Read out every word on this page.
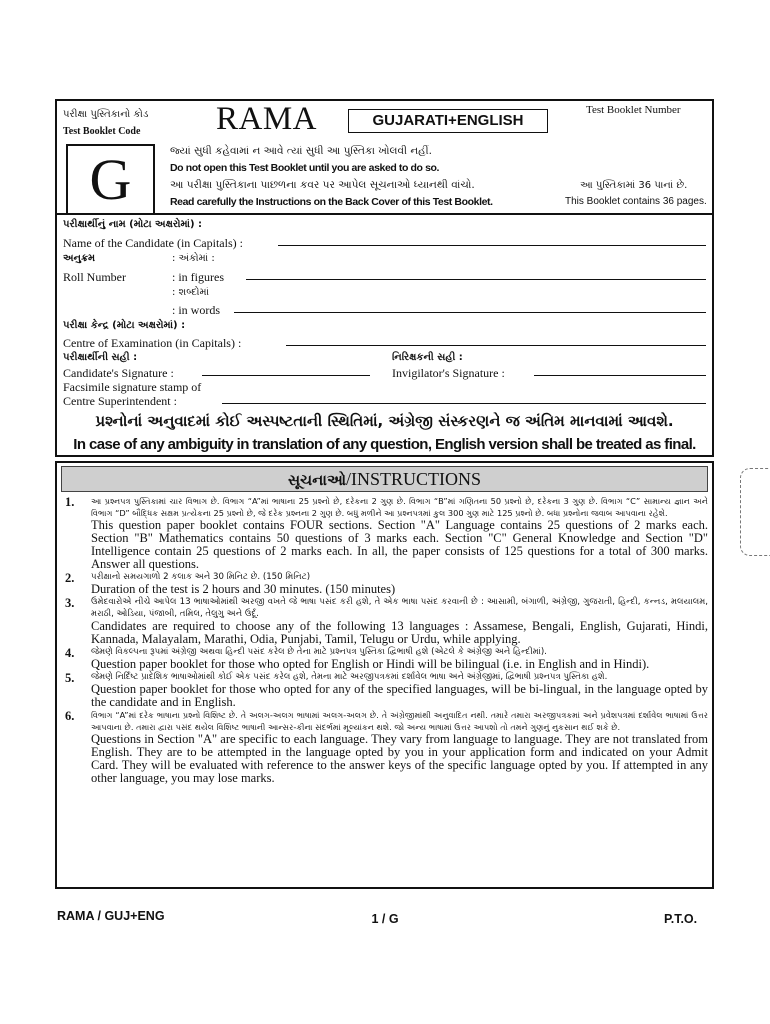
પરીક્ષા પુસ્તિકાનો કોડ
Test Booklet Code RAMA	GUJARATI+ENGLISH
Test Booklet Number
G	જ્યાં સુધી કહેવામાં ન આવે ત્યાં સુધી આ પુસ્તિકા ખોલવી નહીં.
Do not open this Test Booklet until you are asked to do so.
આ પરીક્ષા પુસ્તિકાના પાછળના કવર પર આપેલ સૂચનાઓ ધ્યાનથી વાંચો.
Read carefully the Instructions on the Back Cover of this Test Booklet.
આ પુસ્તિકામાં 36 પાનાં છે.
This Booklet contains 36 pages.
પરીક્ષાર્થીનું નામ (મોટા અક્ષરોમાં) :
Name of the Candidate (in Capitals) :
અનુક્રમ	: અંકોમાં :
Roll Number	: in figures
: શબ્દોમાં
: in words
પરીક્ષા કેન્દ્ર (મોટા અક્ષરોમાં) :
Centre of Examination (in Capitals) :
પરીક્ષાર્થીની સહી :	નિરિક્ષકની સહી :
Candidate's Signature :	Invigilator's Signature :
Facsimile signature stamp of
Centre Superintendent :
પ્રશ્નોનાં અનુવાદમાં કોઈ અસ્પષ્ટતાની સ્થિતિમાં, અંગ્રેજી સંસ્કરણને જ અંતિમ માનવામાં આવશે.
In case of any ambiguity in translation of any question, English version shall be treated as final.
સૂચનાઓ/INSTRUCTIONS
1. આ પ્રશ્નપત્ર પુસ્તિકામાં ચાર વિભાગ છે. વિભાગ “A”માં ભાષાના 25 પ્રશ્નો છે, દરેકના 2 ગુણ છે. વિભાગ “B”માં ગણિતના 50 પ્રશ્નો છે, દરેકના 3 ગુણ છે. વિભાગ “C” સામાન્ય જ્ઞાન અને વિભાગ “D” બૌદ્ધિક સક્ષમ પ્રત્યેકના 25 પ્રશ્નો છે, જે દરેક પ્રશ્નના 2 ગુણ છે. બધું મળીને આ પ્રશ્નપત્રમાં કુલ 300 ગુણ માટે 125 પ્રશ્નો છે. બધા પ્રશ્નોના જવાબ આપવાના રહેશે.
This question paper booklet contains FOUR sections. Section "A" Language contains 25 questions of 2 marks each. Section "B" Mathematics contains 50 questions of 3 marks each. Section "C" General Knowledge and Section "D" Intelligence contain 25 questions of 2 marks each. In all, the paper consists of 125 questions for a total of 300 marks. Answer all questions.
2. પરીક્ષાનો સમયગાળો 2 કલાક અને 30 મિનિટ છે. (150 મિનિટ)
Duration of the test is 2 hours and 30 minutes. (150 minutes)
3. ઉમેદવારોએ નીચે આપેલ 13 ભાષાઓમાંથી અરજી વખતે જે ભાષા પસંદ કરી હશે, તે એક ભાષા પસંદ કરવાની છે : આસામી, બંગાળી, અંગ્રેજી, ગુજરાતી, હિન્દી, કન્નડ, મલયાલમ, મરાઠી, ઓડિયા, પંજાબી, તમિલ, તેલુગુ અને ઉર્દૂ.
Candidates are required to choose any of the following 13 languages : Assamese, Bengali, English, Gujarati, Hindi, Kannada, Malayalam, Marathi, Odia, Punjabi, Tamil, Telugu or Urdu, while applying.
4. જેમણે વિકલ્પના રૂપમાં અંગ્રેજી અથવા હિન્દી પસંદ કરેલ છે તેના માટે પ્રશ્નપત્ર પુસ્તિકા દ્વિભાષી હશે (એટલે કે અંગ્રેજી અને હિન્દીમાં).
Question paper booklet for those who opted for English or Hindi will be bilingual (i.e. in English and in Hindi).
5. જેમણે નિર્દિષ્ટ પ્રાદેશિક ભાષાઓમાંથી કોઈ એક પસંદ કરેલ હશે, તેમના માટે અરજીપત્રકમાં દર્શાવેલ ભાષા અને અંગ્રેજીમાં, દ્વિભાષી પ્રશ્નપત્ર પુસ્તિકા હશે.
Question paper booklet for those who opted for any of the specified languages, will be bi-lingual, in the language opted by the candidate and in English.
6. વિભાગ “A”માં દરેક ભાષાના પ્રશ્નો વિશિષ્ટ છે. તે અલગ-અલગ ભાષામાં અલગ-અલગ છે. તે અંગ્રેજીમાંથી અનુવાદિત નથી. તમારે તમારા અરજીપત્રકમાં અને પ્રવેશપત્રમાં દર્શાવેલ ભાષામાં ઉત્તર આપવાના છે. તમારા દ્વારા પસંદ થયેલ વિશિષ્ટ ભાષાની આન્સર-કીના સંદર્ભમાં મૂલ્યાંકન થશે. જો અન્ય ભાષામાં ઉત્તર આપશો તો તમને ગુણનું નુકસાન થઈ શકે છે.
Questions in Section "A" are specific to each language. They vary from language to language. They are not translated from English. They are to be attempted in the language opted by you in your application form and indicated on your Admit Card. They will be evaluated with reference to the answer keys of the specific language opted by you. If attempted in any other language, you may lose marks.
RAMA / GUJ+ENG	1 / G	P.T.O.
